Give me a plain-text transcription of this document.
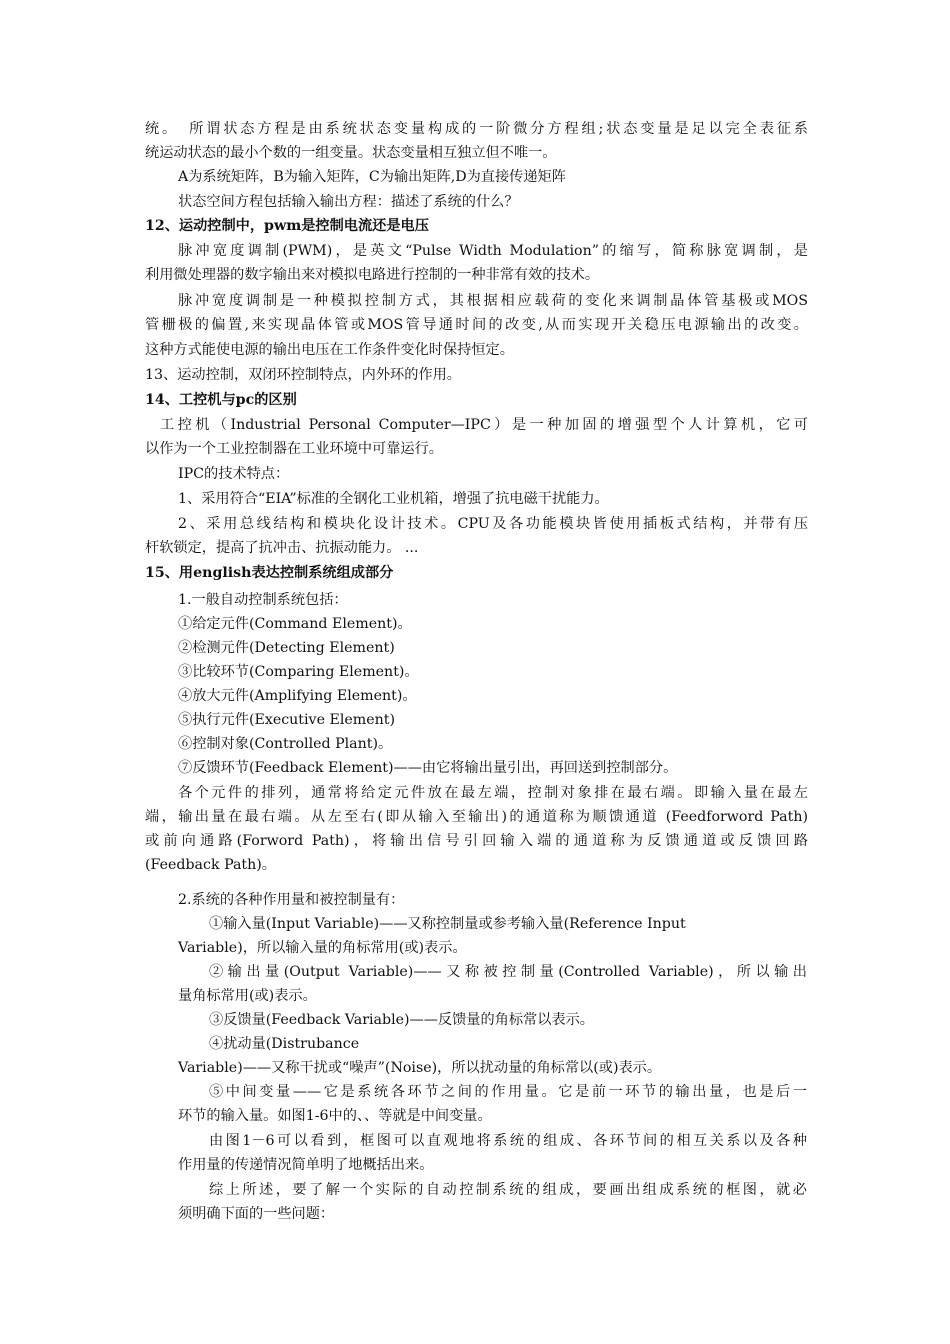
统。　所谓状态方程是由系统状态变量构成的一阶微分方程组;状态变量是足以完全表征系
统运动状态的最小个数的一组变量。状态变量相互独立但不唯一。
A为系统矩阵，B为输入矩阵，C为输出矩阵,D为直接传递矩阵
状态空间方程包括输入输出方程：描述了系统的什么？
12、运动控制中，pwm是控制电流还是电压
脉冲宽度调制(PWM)，是英文“Pulse Width Modulation”的缩写，简称脉宽调制，是
利用微处理器的数字输出来对模拟电路进行控制的一种非常有效的技术。
脉冲宽度调制是一种模拟控制方式，其根据相应载荷的变化来调制晶体管基极或MOS
管栅极的偏置,来实现晶体管或MOS管导通时间的改变,从而实现开关稳压电源输出的改变。
这种方式能使电源的输出电压在工作条件变化时保持恒定。
13、运动控制，双闭环控制特点，内外环的作用。
14、工控机与pc的区别
工控机（Industrial Personal Computer—IPC）是一种加固的增强型个人计算机，它可
以作为一个工业控制器在工业环境中可靠运行。
IPC的技术特点：
1、采用符合“EIA”标准的全钢化工业机箱，增强了抗电磁干扰能力。
2、采用总线结构和模块化设计技术。CPU及各功能模块皆使用插板式结构，并带有压
杆软锁定，提高了抗冲击、抗振动能力。 ...
15、用english表达控制系统组成部分
1.一般自动控制系统包括：
①给定元件(Command Element)。
②检测元件(Detecting Element)
③比较环节(Comparing Element)。
④放大元件(Amplifying Element)。
⑤执行元件(Executive Element)
⑥控制对象(Controlled Plant)。
⑦反馈环节(Feedback Element)——由它将输出量引出，再回送到控制部分。
各个元件的排列，通常将给定元件放在最左端，控制对象排在最右端。即输入量在最左
端，输出量在最右端。从左至右(即从输入至输出)的通道称为顺馈通道 (Feedforword Path)
或前向通路(Forword Path)，将输出信号引回输入端的通道称为反馈通道或反馈回路
(Feedback Path)。
2.系统的各种作用量和被控制量有：
①输入量(Input Variable)——又称控制量或参考输入量(Reference Input
Variable)，所以输入量的角标常用(或)表示。
②输出量(Output Variable)——又称被控制量(Controlled Variable)，所以输出
量角标常用(或)表示。
③反馈量(Feedback Variable)——反馈量的角标常以表示。
④扰动量(Distrubance
Variable)——又称干扰或“噪声”(Noise)，所以扰动量的角标常以(或)表示。
⑤中间变量——它是系统各环节之间的作用量。它是前一环节的输出量，也是后一
环节的输入量。如图1-6中的、、等就是中间变量。
由图1－6可以看到，框图可以直观地将系统的组成、各环节间的相互关系以及各种
作用量的传递情况简单明了地概括出来。
综上所述，要了解一个实际的自动控制系统的组成，要画出组成系统的框图，就必
须明确下面的一些问题：
